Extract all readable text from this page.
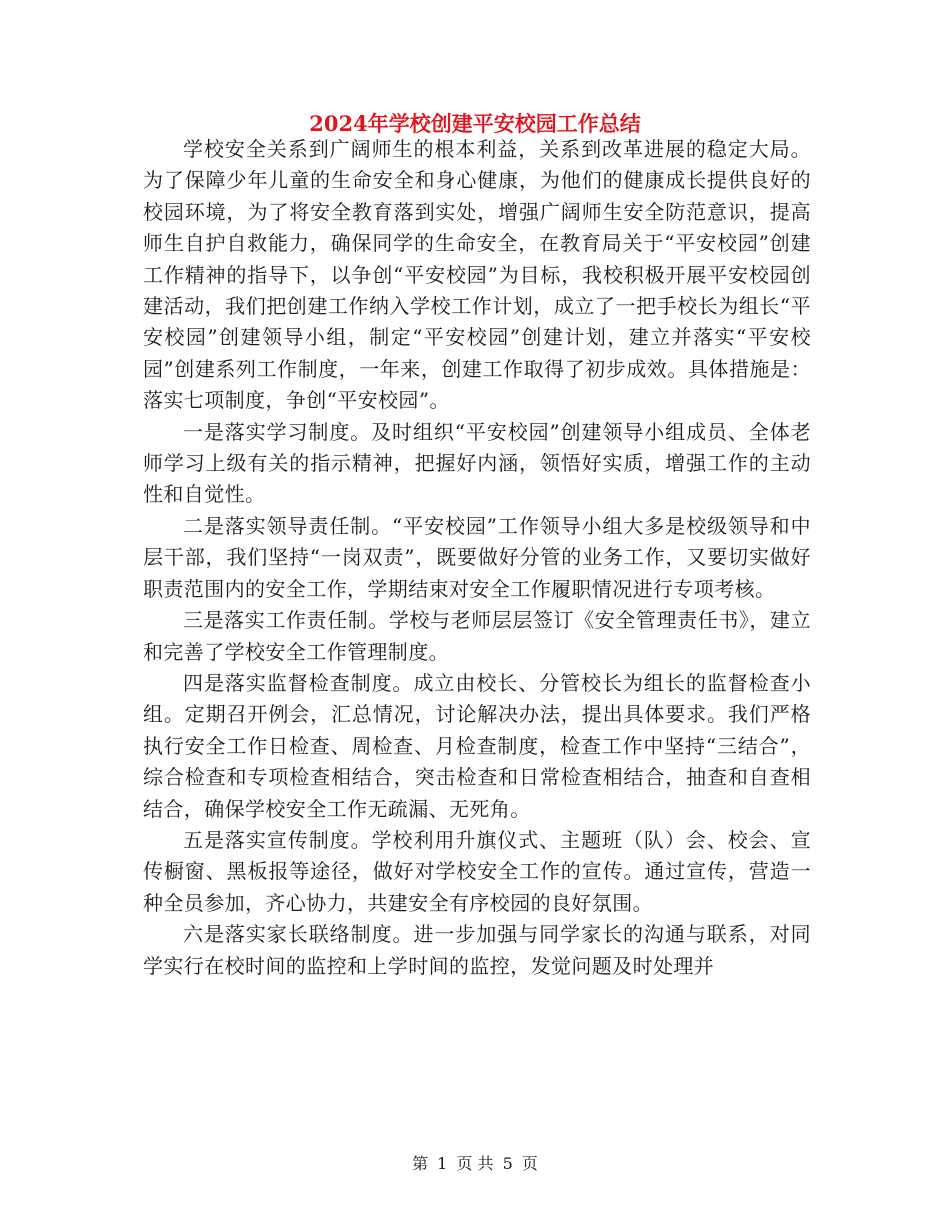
2024年学校创建平安校园工作总结

学校安全关系到广阔师生的根本利益，关系到改革进展的稳定大局。为了保障少年儿童的生命安全和身心健康，为他们的健康成长提供良好的校园环境，为了将安全教育落到实处，增强广阔师生安全防范意识，提高师生自护自救能力，确保同学的生命安全，在教育局关于“平安校园”创建工作精神的指导下，以争创“平安校园”为目标，我校积极开展平安校园创建活动，我们把创建工作纳入学校工作计划，成立了一把手校长为组长“平安校园”创建领导小组，制定“平安校园”创建计划，建立并落实“平安校园”创建系列工作制度，一年来，创建工作取得了初步成效。具体措施是：落实七项制度，争创“平安校园”。

一是落实学习制度。及时组织“平安校园”创建领导小组成员、全体老师学习上级有关的指示精神，把握好内涵，领悟好实质，增强工作的主动性和自觉性。

二是落实领导责任制。“平安校园”工作领导小组大多是校级领导和中层干部，我们坚持“一岗双责”，既要做好分管的业务工作，又要切实做好职责范围内的安全工作，学期结束对安全工作履职情况进行专项考核。

三是落实工作责任制。学校与老师层层签订《安全管理责任书》，建立和完善了学校安全工作管理制度。

四是落实监督检查制度。成立由校长、分管校长为组长的监督检查小组。定期召开例会，汇总情况，讨论解决办法，提出具体要求。我们严格执行安全工作日检查、周检查、月检查制度，检查工作中坚持“三结合”，综合检查和专项检查相结合，突击检查和日常检查相结合，抽查和自查相结合，确保学校安全工作无疏漏、无死角。

五是落实宣传制度。学校利用升旗仪式、主题班（队）会、校会、宣传橱窗、黑板报等途径，做好对学校安全工作的宣传。通过宣传，营造一种全员参加，齐心协力，共建安全有序校园的良好氛围。

六是落实家长联络制度。进一步加强与同学家长的沟通与联系，对同学实行在校时间的监控和上学时间的监控，发觉问题及时处理并

第 1 页 共 5 页
